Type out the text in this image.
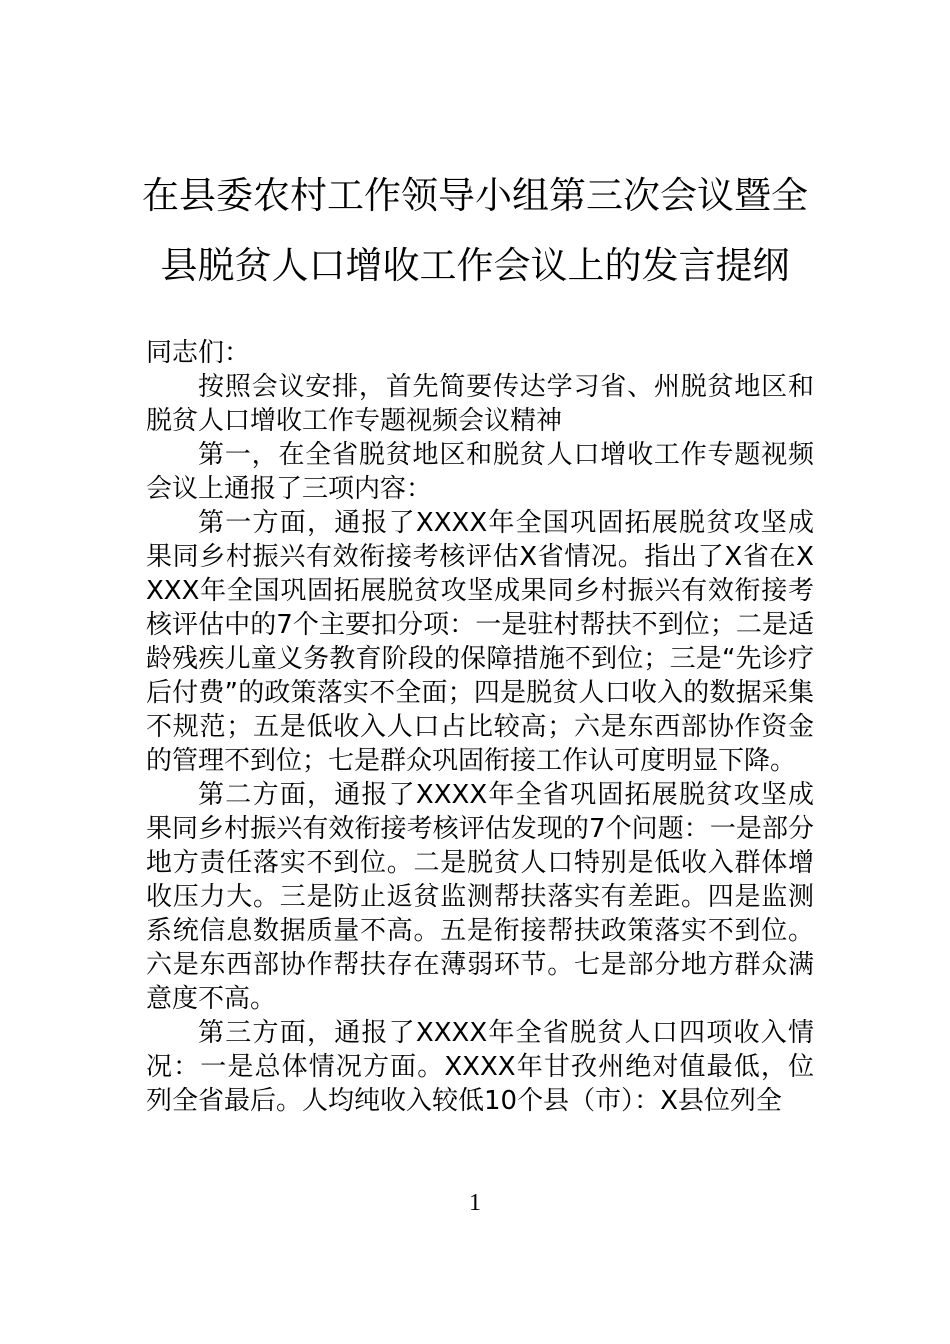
在县委农村工作领导小组第三次会议暨全
县脱贫人口增收工作会议上的发言提纲
同志们：

按照会议安排，首先简要传达学习省、州脱贫地区和脱贫人口增收工作专题视频会议精神

第一，在全省脱贫地区和脱贫人口增收工作专题视频会议上通报了三项内容：

第一方面，通报了XXXX年全国巩固拓展脱贫攻坚成果同乡村振兴有效衔接考核评估X省情况。指出了X省在XXXX年全国巩固拓展脱贫攻坚成果同乡村振兴有效衔接考核评估中的7个主要扣分项：一是驻村帮扶不到位；二是适龄残疾儿童义务教育阶段的保障措施不到位；三是“先诊疗后付费”的政策落实不全面；四是脱贫人口收入的数据采集不规范；五是低收入人口占比较高；六是东西部协作资金的管理不到位；七是群众巩固衔接工作认可度明显下降。

第二方面，通报了XXXX年全省巩固拓展脱贫攻坚成果同乡村振兴有效衔接考核评估发现的7个问题：一是部分地方责任落实不到位。二是脱贫人口特别是低收入群体增收压力大。三是防止返贫监测帮扶落实有差距。四是监测系统信息数据质量不高。五是衔接帮扶政策落实不到位。六是东西部协作帮扶存在薄弱环节。七是部分地方群众满意度不高。

第三方面，通报了XXXX年全省脱贫人口四项收入情况：一是总体情况方面。XXXX年甘孜州绝对值最低，位列全省最后。人均纯收入较低10个县（市）：X县位列全

1
